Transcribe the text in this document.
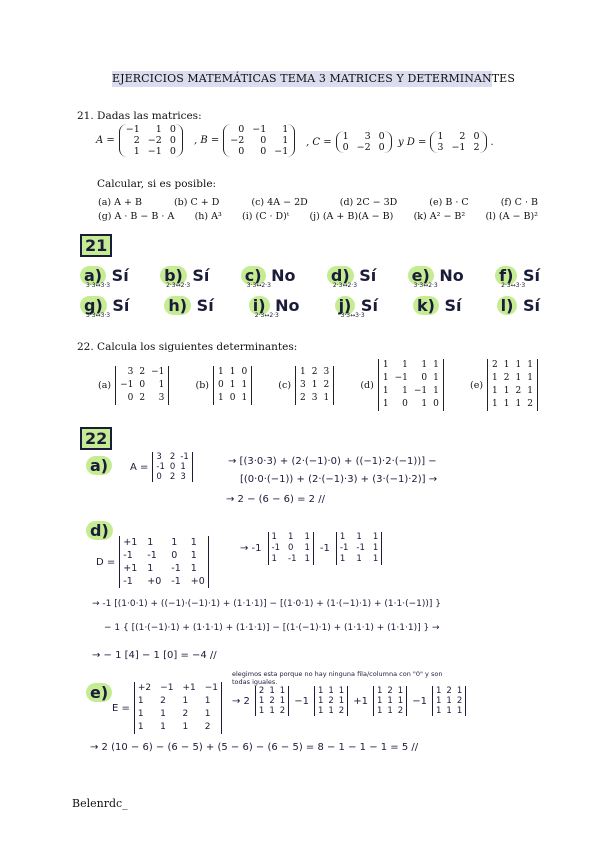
EJERCICIOS MATEMÁTICAS TEMA 3 MATRICES Y DETERMINANTES
21. Dadas las matrices:
A =
−1	1 0
2 −2 0
1 −1 0
, B =
0 −1	1
−2	0	1
0	0 −1
, C = 1	3 0
0 −2 0 y D = 1	2 0
3 −1 2 .
Calcular, si es posible:
(a) A + B	(b) C + D	(c) 4A − 2D	(d) 2C − 3D	(e) B · C	(f) C · B
(g) A · B − B · A (h) A³ (i) (C · D)ᵗ (j) (A + B)(A − B) (k) A² − B² (l) (A − B)²
21
a) Sí
3·3↔3·3
b) Sí
2·3↔2·3
c) No
3·3↔2·3
d) Sí
2·3↔2·3
e) No
3·3↔2·3
f) Sí
2·3↔3·3
g) Sí
3·3↔3·3
h) Sí i) No
2·3↔2·3
j) Sí
3·3↔3·3
k) Sí l) Sí
22. Calcula los siguientes determinantes:
(a)
3 2 −1
−1 0	1
0 2	3
(b)
1 1 0
0 1 1
1 0 1
(c)
1 2 3
3 1 2
2 3 1
(d)
1	1	1 1
1 −1	0 1
1	1 −1 1
1	0	1 0
(e)
2 1 1 1
1 2 1 1
1 1 2 1
1 1 1 2
22
a)	A =
3 2 -1
-1 0 1
0 2 3
→ [(3·0·3) + (2·(−1)·0) + ((−1)·2·(−1))] −
[(0·0·(−1)) + (2·(−1)·3) + (3·(−1)·2)] →
→ 2 − (6 − 6) = 2 //
d)
D =
+1 1	1	1
-1	-1	0	1
+1 1	-1 1
-1	+0 -1 +0
→ -1
1	1	1
-1 0	1
1	-1 1
-1
1	1	1
-1 -1 1
1	1	1
→ -1 [(1·0·1) + ((−1)·(−1)·1) + (1·1·1)] − [(1·0·1) + (1·(−1)·1) + (1·1·(−1))] }
− 1 { [(1·(−1)·1) + (1·1·1) + (1·1·1)] − [(1·(−1)·1) + (1·1·1) + (1·1·1)] } →
→ − 1 [4] − 1 [0] = −4 //
e)
elegimos esta porque no hay ninguna fila/columna con "0" y son
todas iguales.
E =
+2 −1 +1 −1
1	2	1	1
1	1	2	1
1	1	1	2
→ 2
2 1 1
1 2 1
1 1 2
−1
1 1 1
1 2 1
1 1 2
+1
1 2 1
1 1 1
1 1 2
−1
1 2 1
1 1 2
1 1 1
→ 2 (10 − 6) − (6 − 5) + (5 − 6) − (6 − 5) = 8 − 1 − 1 − 1 = 5 //
Belenrdc_
